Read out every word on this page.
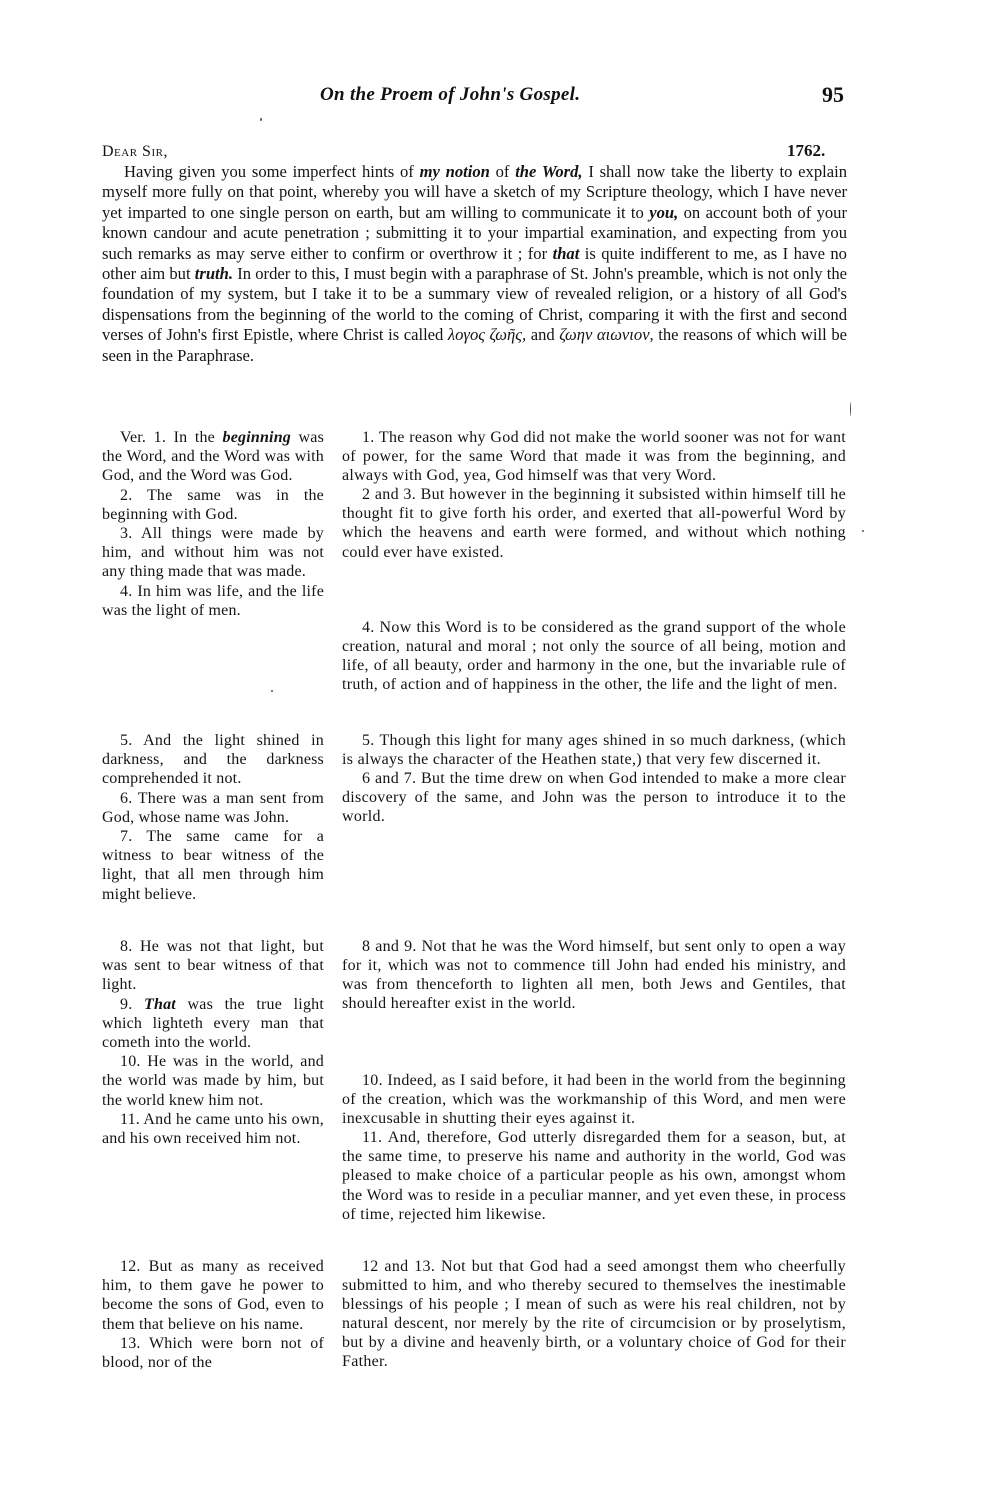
On the Proem of John's Gospel.	95
Dear Sir,	1762.

Having given you some imperfect hints of my notion of the Word, I shall now take the liberty to explain myself more fully on that point, whereby you will have a sketch of my Scripture theology, which I have never yet imparted to one single person on earth, but am willing to communicate it to you, on account both of your known candour and acute penetration ; submitting it to your impartial examination, and expecting from you such remarks as may serve either to confirm or overthrow it ; for that is quite indifferent to me, as I have no other aim but truth. In order to this, I must begin with a paraphrase of St. John's preamble, which is not only the foundation of my system, but I take it to be a summary view of revealed religion, or a history of all God's dispensations from the beginning of the world to the coming of Christ, comparing it with the first and second verses of John's first Epistle, where Christ is called λογος ζωῆς, and ζωην αιωνιον, the reasons of which will be seen in the Paraphrase.

Ver. 1. In the beginning was the Word, and the Word was with God, and the Word was God.

2. The same was in the beginning with God.

3. All things were made by him, and without him was not any thing made that was made.

4. In him was life, and the life was the light of men.

5. And the light shined in darkness, and the darkness comprehended it not.

6. There was a man sent from God, whose name was John.

7. The same came for a witness to bear witness of the light, that all men through him might believe.

8. He was not that light, but was sent to bear witness of that light.

9. That was the true light which lighteth every man that cometh into the world.

10. He was in the world, and the world was made by him, but the world knew him not.

11. And he came unto his own, and his own received him not.

12. But as many as received him, to them gave he power to become the sons of God, even to them that believe on his name.

13. Which were born not of blood, nor of the

1. The reason why God did not make the world sooner was not for want of power, for the same Word that made it was from the beginning, and always with God, yea, God himself was that very Word.

2 and 3. But however in the beginning it subsisted within himself till he thought fit to give forth his order, and exerted that all-powerful Word by which the heavens and earth were formed, and without which nothing could ever have existed.

4. Now this Word is to be considered as the grand support of the whole creation, natural and moral ; not only the source of all being, motion and life, of all beauty, order and harmony in the one, but the invariable rule of truth, of action and of happiness in the other, the life and the light of men.

5. Though this light for many ages shined in so much darkness, (which is always the character of the Heathen state,) that very few discerned it.

6 and 7. But the time drew on when God intended to make a more clear discovery of the same, and John was the person to introduce it to the world.

8 and 9. Not that he was the Word himself, but sent only to open a way for it, which was not to commence till John had ended his ministry, and was from thenceforth to lighten all men, both Jews and Gentiles, that should hereafter exist in the world.

10. Indeed, as I said before, it had been in the world from the beginning of the creation, which was the workmanship of this Word, and men were inexcusable in shutting their eyes against it.

11. And, therefore, God utterly disregarded them for a season, but, at the same time, to preserve his name and authority in the world, God was pleased to make choice of a particular people as his own, amongst whom the Word was to reside in a peculiar manner, and yet even these, in process of time, rejected him likewise.

12 and 13. Not but that God had a seed amongst them who cheerfully submitted to him, and who thereby secured to themselves the inestimable blessings of his people ; I mean of such as were his real children, not by natural descent, nor merely by the rite of circumcision or by proselytism, but by a divine and heavenly birth, or a voluntary choice of God for their Father.
